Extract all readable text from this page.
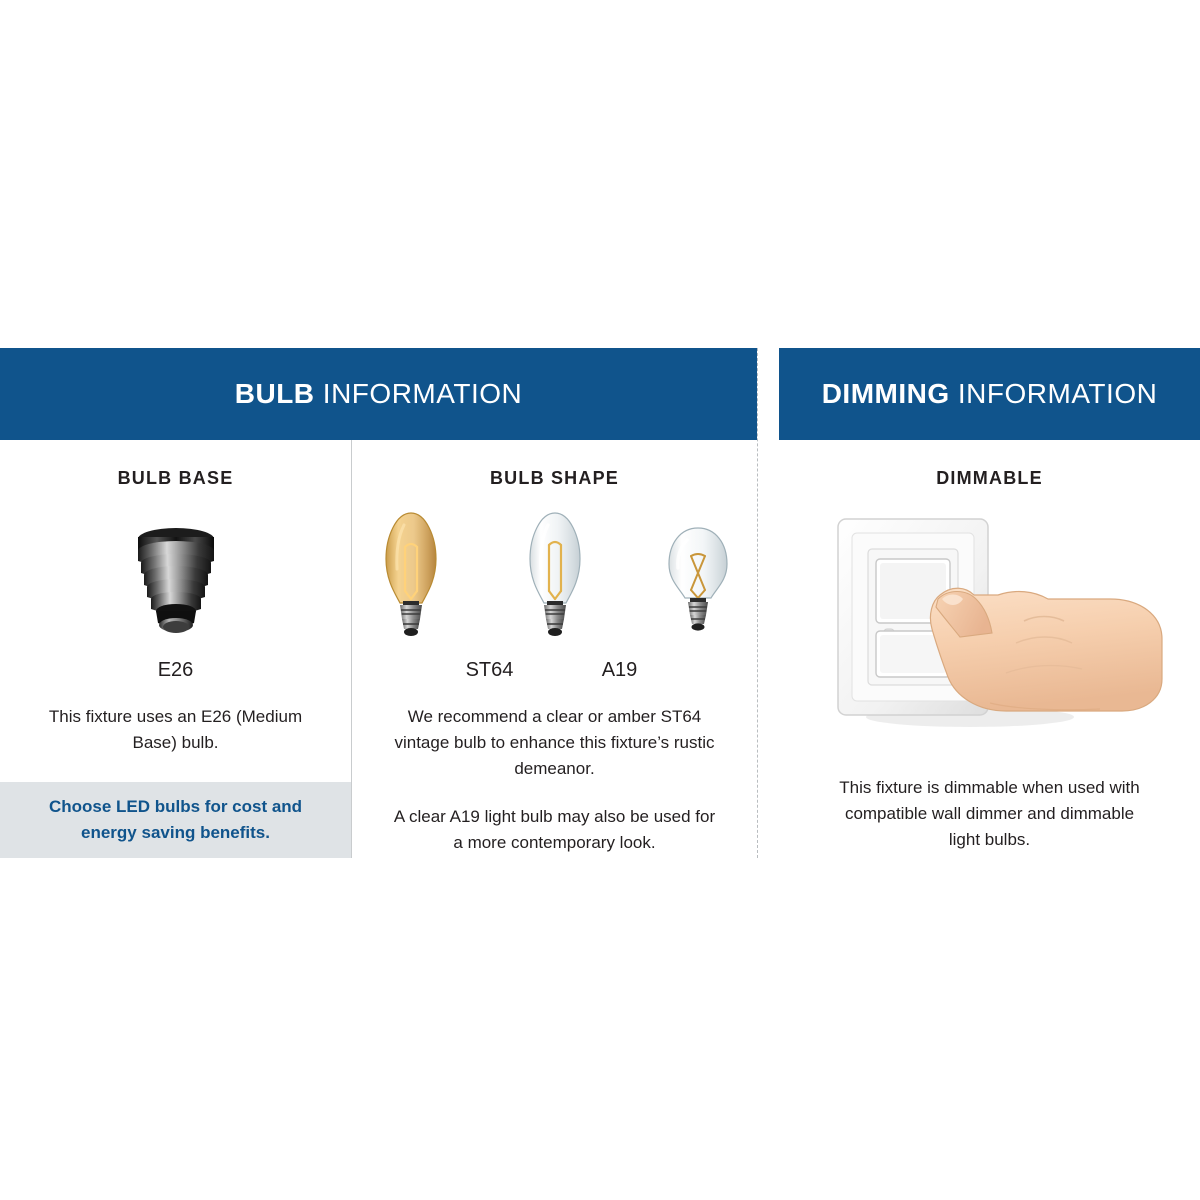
BULB INFORMATION
BULB BASE
E26

This fixture uses an E26 (Medium Base) bulb.

Choose LED bulbs for cost and energy saving benefits.

BULB SHAPE
ST64	A19

We recommend a clear or amber ST64 vintage bulb to enhance this fixture’s rustic demeanor.

A clear A19 light bulb may also be used for a more contemporary look.

DIMMING INFORMATION
DIMMABLE

This fixture is dimmable when used with compatible wall dimmer and dimmable light bulbs.
